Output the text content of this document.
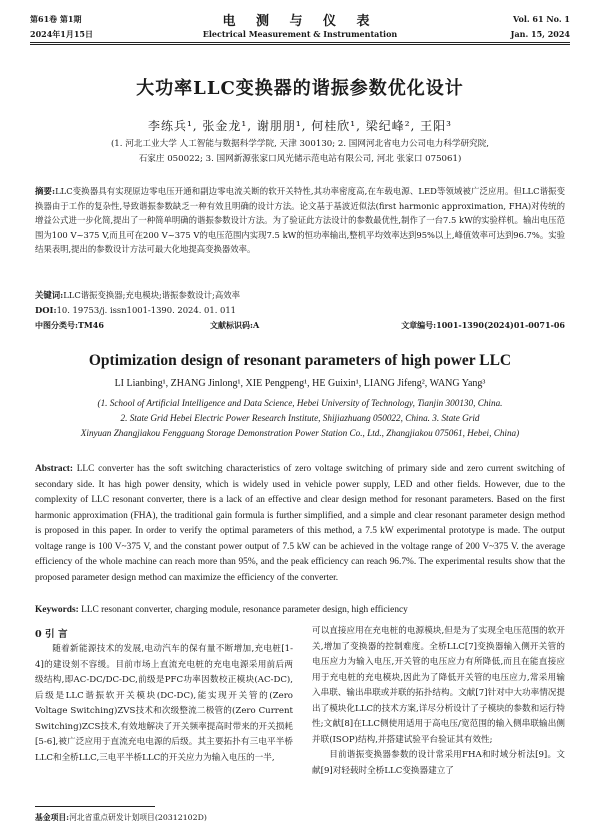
第61卷 第1期
2024年1月15日
电 测 与 仪 表
Electrical Measurement & Instrumentation
Vol. 61 No. 1
Jan. 15, 2024
大功率LLC变换器的谐振参数优化设计
李练兵¹, 张金龙¹, 谢朋朋¹, 何桂欣¹, 梁纪峰², 王阳³
(1. 河北工业大学 人工智能与数据科学学院, 天津 300130; 2. 国网河北省电力公司电力科学研究院,
石家庄 050022; 3. 国网新源张家口风光储示范电站有限公司, 河北 张家口 075061)
摘要:LLC变换器具有实现原边零电压开通和副边零电流关断的软开关特性,其功率密度高,在车载电源、LED等领域被广泛应用。但LLC谐振变换器由于工作的复杂性,导致谐振参数缺乏一种有效且明确的设计方法。论文基于基波近似法(first harmonic approximation, FHA)对传统的增益公式进一步化简,提出了一种简单明确的谐振参数设计方法。为了验证此方法设计的参数最优性,制作了一台7.5 kW的实验样机。输出电压范围为100 V~375 V,而且可在200 V~375 V的电压范围内实现7.5 kW的恒功率输出,整机平均效率达到95%以上,峰值效率可达到96.7%。实验结果表明,提出的参数设计方法可最大化地提高变换器效率。
关键词:LLC谐振变换器;充电模块;谐振参数设计;高效率
DOI:10. 19753/j. issn1001-1390. 2024. 01. 011
中图分类号:TM46	文献标识码:A	文章编号:1001-1390(2024)01-0071-06
Optimization design of resonant parameters of high power LLC
LI Lianbing¹, ZHANG Jinlong¹, XIE Pengpeng¹, HE Guixin¹, LIANG Jifeng², WANG Yang³
(1. School of Artificial Intelligence and Data Science, Hebei University of Technology, Tianjin 300130, China.
2. State Grid Hebei Electric Power Research Institute, Shijiazhuang 050022, China. 3. State Grid
Xinyuan Zhangjiakou Fengguang Storage Demonstration Power Station Co., Ltd., Zhangjiakou 075061, Hebei, China)
Abstract: LLC converter has the soft switching characteristics of zero voltage switching of primary side and zero current switching of secondary side. It has high power density, which is widely used in vehicle power supply, LED and other fields. However, due to the complexity of LLC resonant converter, there is a lack of an effective and clear design method for resonant parameters. Based on the first harmonic approximation (FHA), the traditional gain formula is further simplified, and a simple and clear resonant parameter design method is proposed in this paper. In order to verify the optimal parameters of this method, a 7.5 kW experimental prototype is made. The output voltage range is 100 V~375 V, and the constant power output of 7.5 kW can be achieved in the voltage range of 200 V~375 V. the average efficiency of the whole machine can reach more than 95%, and the peak efficiency can reach 96.7%. The experimental results show that the proposed parameter design method can maximize the efficiency of the converter.
Keywords: LLC resonant converter, charging module, resonance parameter design, high efficiency
0 引 言

随着新能源技术的发展,电动汽车的保有量不断增加,充电桩[1-4]的建设刻不容缓。目前市场上直流充电桩的充电电源采用前后两级结构,即AC-DC/DC-DC,前级是PFC功率因数校正模块(AC-DC),后级是LLC谐振软开关模块(DC-DC),能实现开关管的(Zero Voltage Switching)ZVS技术和次级整流二极管的(Zero Current Switching)ZCS技术,有效地解决了开关频率提高时带来的开关损耗[5-6],被广泛应用于直流充电电源的后级。其主要拓扑有三电平半桥LLC和全桥LLC,三电平半桥LLC的开关应力为输入电压的一半,

可以直接应用在充电桩的电源模块,但是为了实现全电压范围的软开关,增加了变换器的控制难度。全桥LLC[7]变换器输入侧开关管的电压应力为输入电压,开关管的电压应力有所降低,而且在能直接应用于充电桩的充电模块,因此为了降低开关管的电压应力,常采用输入串联、输出串联或并联的拓扑结构。文献[7]针对中大功率情况提出了模块化LLC的技术方案,详尽分析设计了子模块的参数和运行特性;文献[8]在LLC侧使用适用于高电压/宽范围的输入侧串联输出侧并联(ISOP)结构,并搭建试验平台验证其有效性;

目前谐振变换器参数的设计常采用FHA和时域分析法[9]。文献[9]对轻载时全桥LLC变换器建立了

基金项目:河北省重点研发计划项目(20312102D)
